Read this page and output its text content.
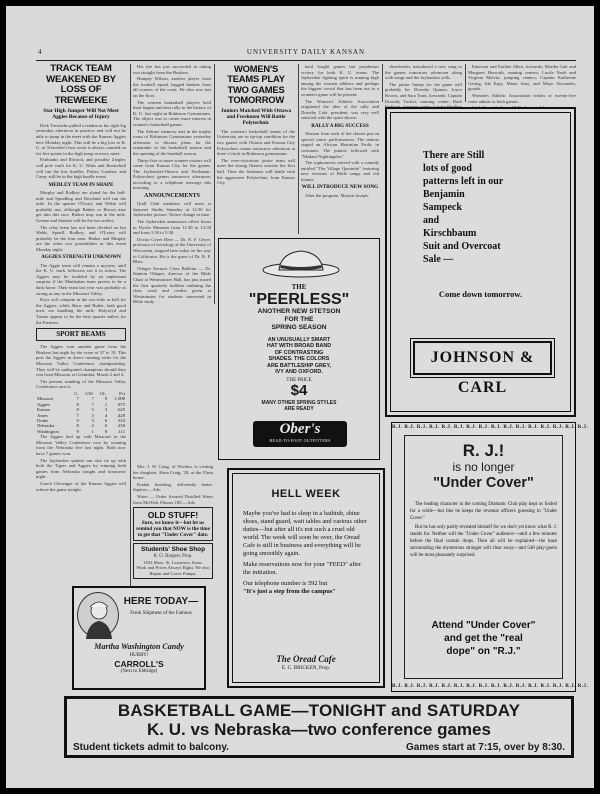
4	UNIVERSITY DAILY KANSAN
TRACK TEAM WEAKENED BY LOSS OF TREWEEKE
Star High Jumper Will Not Meet Aggies Because of Injury

Dick Treweeke pulled a tendon in his right leg yesterday afternoon in practice and will not be able to jump in the meet with the Kansas Aggies here Monday night. This will be a big loss to K. U. as Treweeke's best work is always counted on for five points in the high jump at every meet.

Fairbanks and Elwood, and possibly Ziegler, will pole vault for K. U. Watts and Rantschull will run the low hurdles. Fisher, Gardner, and Casey will be in the high hurdle event.

MEDLEY TEAM IN SHAPE

Murphy and Rodkey are slated for the half-mile and Spradling and Rowland will run the mile. In the quarter O'Leary and Welsh will probably run, although Rinker or Brown may get into this race. Rinker may run in the mile. Greene and Statzler will be the two milers.

The relay team has not been decided on but Webb, Spradl, Rodkey, and O'Leary will probably be the four men. Rinker and Murphy are the other two possibilities in this event Monday night.

AGGIES STRENGTH UNKNOWN

The Aggie team will remain a mystery until the K. U. track followers see it in action. The Aggies may be troubled by an unpleasant surprise if the Manhattan team proves to be a dark horse. Their team last year was probably as strong as any in the Missouri Valley.

Keys will compete in the two-mile or half for the Aggies, while Shaw and Butler, both good men, are handling the mile. Holyroyd and Turner appear to be the best quarter milers for the Farmers.

SPORT BEAMS

The Aggies won another game from the Huskers last night by the score of 37 to 19. This puts the Aggies in direct running order for the Missouri Valley Conference championship. They will be undisputed champions should they win from Missouri at Columbia, March 2 and 4.

The present standing of the Missouri Valley Conference race is:

	G.	GW.	GL.	Pct
Missouri	7	7	0	1.000
Aggies	8	7	1	.875
Kansas	8	5	3	.625
Ames	7	3	4	.428
Drake	9	3	6	.333
Nebraska	8	2	6	.250
Washington	9	1	8	.111

The Aggies tied up with Missouri in the Missouri Valley Conference race by winning from the Nebraska five last night. Both now have 7 games won.

The Jayhawker quintet can also tie up with both the Tigers and Aggies by winning both games from Nebraska tonight and tomorrow night.

Coach Clevenger of the Kansas Aggies will referee the game tonight.

His fire has just succeeded in taking two straight from the Huskers.

Humpty Wilson, another player from the football squad, bagged baskets from all corners of the court. He also was fast on the floor.

The women basketball players held their largest and best rally in the history of K. U. last night in Robinson Gymnasium. The object was to create more interest in women's basketball games.

The Aldous' memory met in the trophy room of Robinson Gymnasium yesterday afternoon to discuss plans for the remainder of the basketball season and the opening of the baseball season.

Thirty-five or more women visitors will come from Kansas City for the games. The Jayhawker-Ottawa and Freshman-Polytechnic games tomorrow afternoon, according to a telephone message this morning.

ANNOUNCEMENTS

Quill Club members will meet at Spooner Studio Saturday at 12:30 for Jayhawker picture. Notice change in time.

The Jayhawker announces office hours in Dyche Museum from 11:30 to 12:30 and from 1:30 to 5:30.

Doctor Geyer Here — Dr. N. F. Geyer, professor of sociology at the University of Wisconsin, stopped here today on his way to California. He is the guest of Dr. B. F. Blair.

Olinger Secures Class Bulletin — Dr. Stanton Olinger, director of the Bible Chair at Westminster Hall, has just issued the first quarterly bulletin outlining the class work and credits given at Westminster for students interested in Bible study.

WOMEN'S TEAMS PLAY TWO GAMES TOMORROW
Juniors Matched With Ottawa and Freshmen Will Battle Polytechnic

The women's basketball teams of the University are in tip-top condition for the two games with Ottawa and Kansas City Polytechnic teams tomorrow afternoon at three o'clock in Robinson gymnasium.

The ever-victorious junior team will meet the strong Ottawa sextette the first half. Then the freshmen will battle with the aggressive Polytechnic from Kansas City.

hard fought games but prophesies victory for both K. U. teams. The Jayhawker fighting spirit is running high among the women athletes and perhaps the biggest crowd that has been out to a women's game will be present.

The Women's Athletic Association originated the idea of the rally and Dorothy Cole, president, was very well satisfied with the spirit shown.

RALLY A BIG SUCCESS

Women from each of the classes put on special comic performances. The seniors staged an African Hawaiian Frolic in costumes. The juniors followed with "Madam Nightingales."

The sophomores starred with a comedy entitled "The Village Quartette" featuring new versions of Bible songs and old hymns.

WILL INTRODUCE NEW SONG

After the program, Marion Joseph,

cheerleader, introduced a new song to the games tomorrow afternoon along with songs and the Jayhawker yells.

The junior lineup for the game will probably be: Dorothy Quinter, Joyce Brown, and Sara Trant, forwards; Captain Dorothy Tucker, running center; Ruth

Emerson and Earline Allen, forwards; Martha Gair and Margaret Haworth, running centers; Lucile Noah and Virginia Melvin, jumping centers; Captain Katherine Gering, Ida Espy, Marie Amy, and Maye Alexander, guards.

Women's Athletic Association tickets or twenty-five cents admits to both games.

There are Still
lots of good
patterns left in our
Benjamin
Sampeck
and
Kirschbaum
Suit and Overcoat
Sale —
Come down tomorrow.
JOHNSON & CARL
THE
"PEERLESS"
ANOTHER NEW STETSON
FOR THE
SPRING SEASON
AN UNUSUALLY SMART HAT WITH BROAD BAND OF CONTRASTING SHADES. THE COLORS ARE BATTLESHIP GREY, IVY AND OXFORD.
THE PRICE
$4
MANY OTHER SPRING STYLES ARE READY
Ober's
HEAD-TO-FOOT OUTFITTERS

Mrs. J. W. Craig, of Wichita, is visiting her daughter, Alma Craig, '29, at the Theta house.

Kodak finishing, differently better. Squires.—Adv.

Water — Order Aerated Distilled Water from McNish. Phones 180.—Adv.

OLD STUFF!
Sure, we know it—but let us remind you that NOW is the time to get that "Under Cover" date.
Students' Shoe Shop
R. O. Burgert, Prop.
1033 Mass. St. Lawrence, Kans.
Work and Prices Always Right. We also Repair and Cover Pumps.
HELL WEEK

Maybe you've had to sleep in a bathtub, shine shoes, stand guard, wait tables and various other duties—but after all it's not such a cruel old world. The week will soon be over, the Oread Cafe is still in business and everything will be going smoothly again.

Make reservations now for your "FEED" after the initiation.

Our telephone number is 592 but

"It's just a step from the campus"

The Oread Cafe
E. C. BRICKEN, Prop.
HERE TODAY—
Fresh Shipment of the Famous
Martha Washington Candy
HURRY!
CARROLL'S
(Next to Eldridge)
R.J. R.J. R.J. R.J. R.J. R.J. R.J. R.J. R.J. R.J. R.J. R.J. R.J. R.J. R.J. R.J.
R.J. R.J. R.J. R.J. R.J. R.J. R.J. R.J. R.J. R.J. R.J. R.J. R.J. R.J. R.J. R.J.
R. J.!
is no longer
"Under Cover"

The leading character in the coming Dramatic Club play kept us fooled for a while—but like he keeps the revenue officers guessing in "Under Cover."

But he has only partly revealed himself for we don't yet know what R. J. stands for. Neither will the "Under Cover" audience—until a few minutes before the final curtain drops. Then all will be explained—the haze surrounding the mysterious stranger will clear away—and 540 play-goers will be most pleasantly surprised.

Attend "Under Cover"
and get the "real
dope" on "R.J."
BASKETBALL GAME—TONIGHT and SATURDAY
K. U. vs Nebraska—two conference games
Student tickets admit to balcony.	Games start at 7:15, over by 8:30.
